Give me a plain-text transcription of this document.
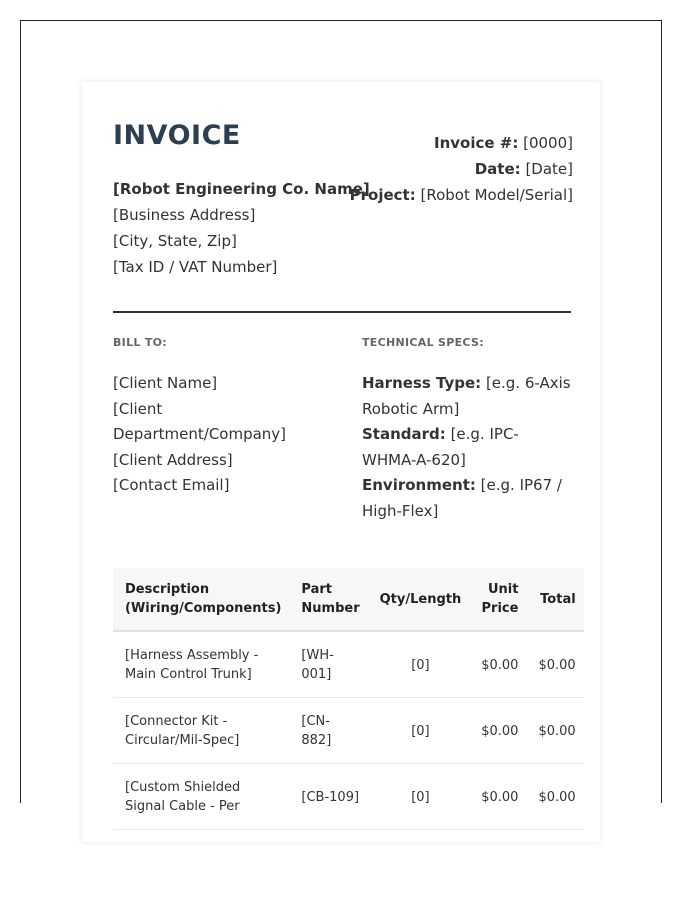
INVOICE
[Robot Engineering Co. Name]
[Business Address]
[City, State, Zip]
[Tax ID / VAT Number]
Invoice #: [0000]
Date: [Date]
Project: [Robot Model/Serial]
BILL TO:
[Client Name]
[Client Department/Company]
[Client Address]
[Contact Email]
TECHNICAL SPECS:
Harness Type: [e.g. 6-Axis Robotic Arm]
Standard: [e.g. IPC-WHMA-A-620]
Environment: [e.g. IP67 / High-Flex]
Description (Wiring/Components)	Part Number	Qty/Length	Unit Price	Total
[Harness Assembly - Main Control Trunk]	[WH-001]	[0]	$0.00	$0.00
[Connector Kit - Circular/Mil-Spec]	[CN-882]	[0]	$0.00	$0.00
[Custom Shielded Signal Cable - Per	[CB-109]	[0]	$0.00	$0.00
